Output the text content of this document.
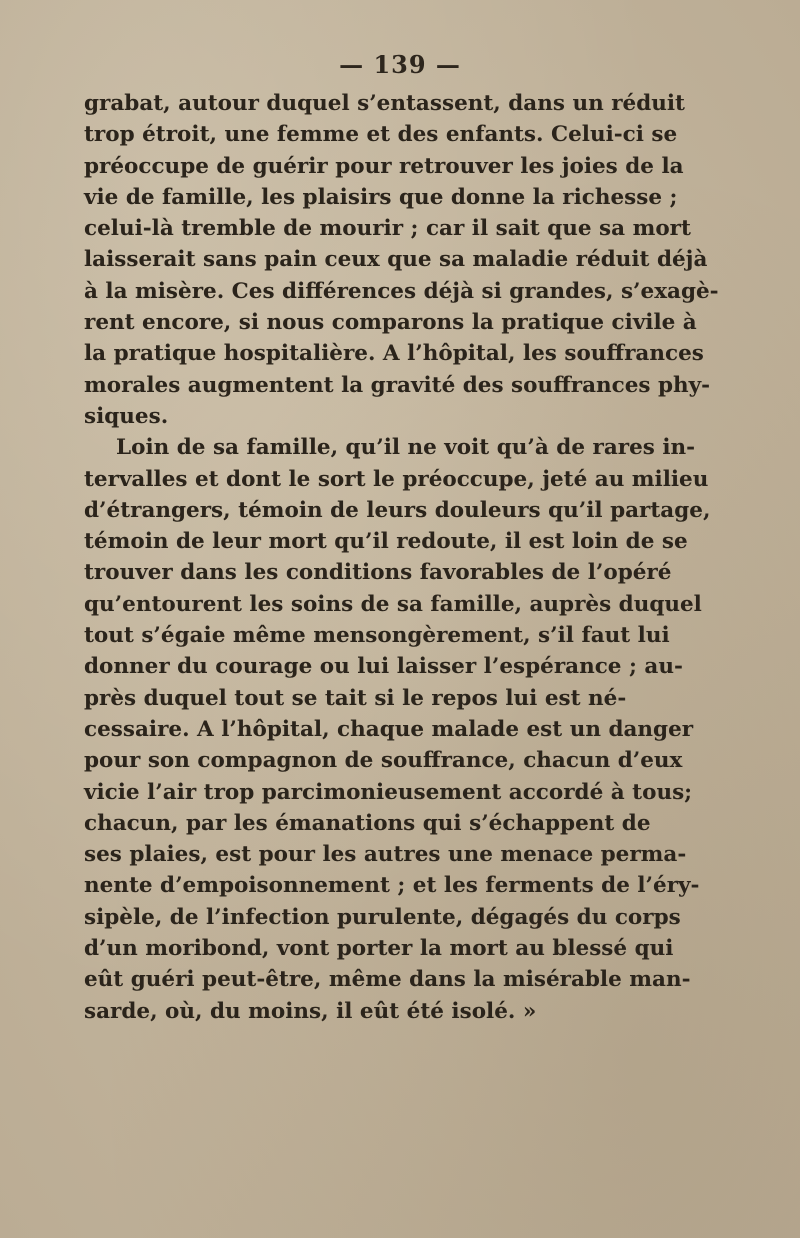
— 139 —
grabat, autour duquel s’entassent, dans un réduit
trop étroit, une femme et des enfants. Celui-ci se
préoccupe de guérir pour retrouver les joies de la
vie de famille, les plaisirs que donne la richesse ;
celui-là tremble de mourir ; car il sait que sa mort
laisserait sans pain ceux que sa maladie réduit déjà
à la misère. Ces différences déjà si grandes, s’exagè-
rent encore, si nous comparons la pratique civile à
la pratique hospitalière. A l’hôpital, les souffrances
morales augmentent la gravité des souffrances phy-
siques.
Loin de sa famille, qu’il ne voit qu’à de rares in-
tervalles et dont le sort le préoccupe, jeté au milieu
d’étrangers, témoin de leurs douleurs qu’il partage,
témoin de leur mort qu’il redoute, il est loin de se
trouver dans les conditions favorables de l’opéré
qu’entourent les soins de sa famille, auprès duquel
tout s’égaie même mensongèrement, s’il faut lui
donner du courage ou lui laisser l’espérance ; au-
près duquel tout se tait si le repos lui est né-
cessaire. A l’hôpital, chaque malade est un danger
pour son compagnon de souffrance, chacun d’eux
vicie l’air trop parcimonieusement accordé à tous;
chacun, par les émanations qui s’échappent de
ses plaies, est pour les autres une menace perma-
nente d’empoisonnement ; et les ferments de l’éry-
sipèle, de l’infection purulente, dégagés du corps
d’un moribond, vont porter la mort au blessé qui
eût guéri peut-être, même dans la misérable man-
sarde, où, du moins, il eût été isolé. »
